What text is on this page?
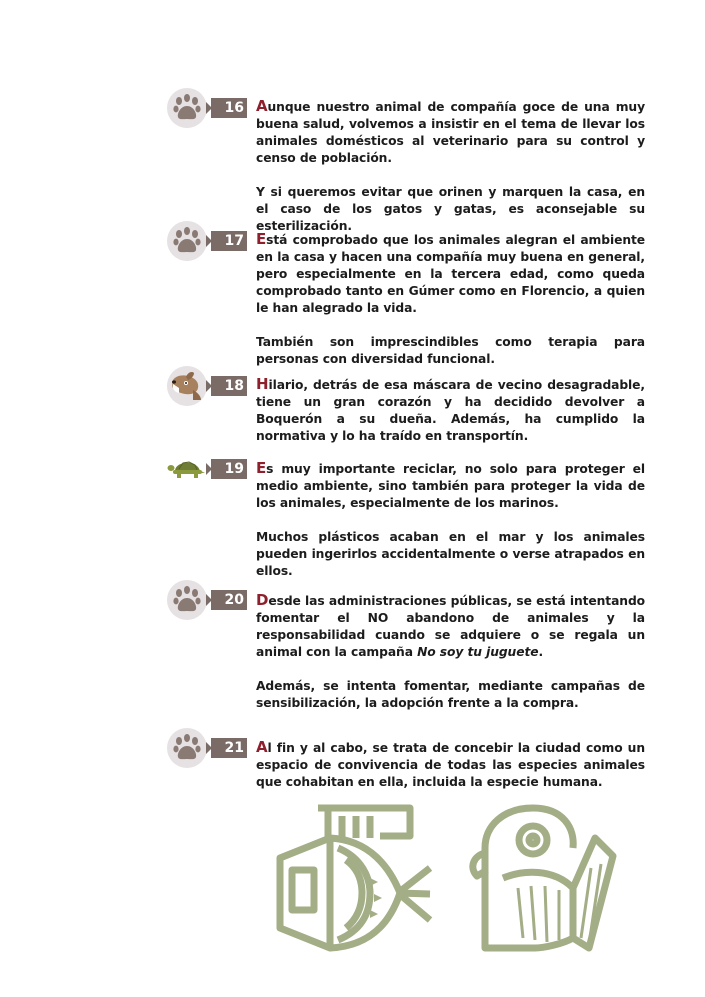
16 Aunque nuestro animal de compañía goce de una muy buena salud, volvemos a insistir en el tema de llevar los animales domésticos al veterinario para su control y censo de población.

Y si queremos evitar que orinen y marquen la casa, en el caso de los gatos y gatas, es aconsejable su esterilización.

17 Está comprobado que los animales alegran el ambiente en la casa y hacen una compañía muy buena en general, pero especialmente en la tercera edad, como queda comprobado tanto en Gúmer como en Florencio, a quien le han alegrado la vida.

También son imprescindibles como terapia para personas con diversidad funcional.

18 Hilario, detrás de esa máscara de vecino desagradable, tiene un gran corazón y ha decidido devolver a Boquerón a su dueña. Además, ha cumplido la normativa y lo ha traído en transportín.

19 Es muy importante reciclar, no solo para proteger el medio ambiente, sino también para proteger la vida de los animales, especialmente de los marinos.

Muchos plásticos acaban en el mar y los animales pueden ingerirlos accidentalmente o verse atrapados en ellos.

20 Desde las administraciones públicas, se está intentando fomentar el NO abandono de animales y la responsabilidad cuando se adquiere o se regala un animal con la campaña No soy tu juguete.

Además, se intenta fomentar, mediante campañas de sensibilización, la adopción frente a la compra.

21 Al fin y al cabo, se trata de concebir la ciudad como un espacio de convivencia de todas las especies animales que cohabitan en ella, incluida la especie humana.
